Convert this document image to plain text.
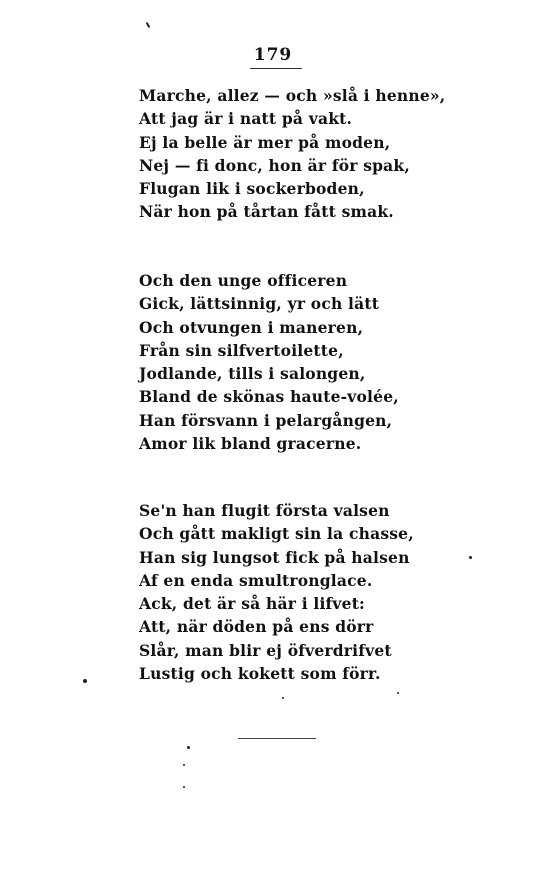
179
Marche, allez — och »slå i henne»,
Att jag är i natt på vakt.
Ej la belle är mer på moden,
Nej — fi donc, hon är för spak,
Flugan lik i sockerboden,
När hon på tårtan fått smak.
Och den unge officeren
Gick, lättsinnig, yr och lätt
Och otvungen i maneren,
Från sin silfvertoilette,
Jodlande, tills i salongen,
Bland de skönas haute-volée,
Han försvann i pelargången,
Amor lik bland gracerne.
Se'n han flugit första valsen
Och gått makligt sin la chasse,
Han sig lungsot fick på halsen
Af en enda smultronglace.
Ack, det är så här i lifvet:
Att, när döden på ens dörr
Slår, man blir ej öfverdrifvet
Lustig och kokett som förr.
